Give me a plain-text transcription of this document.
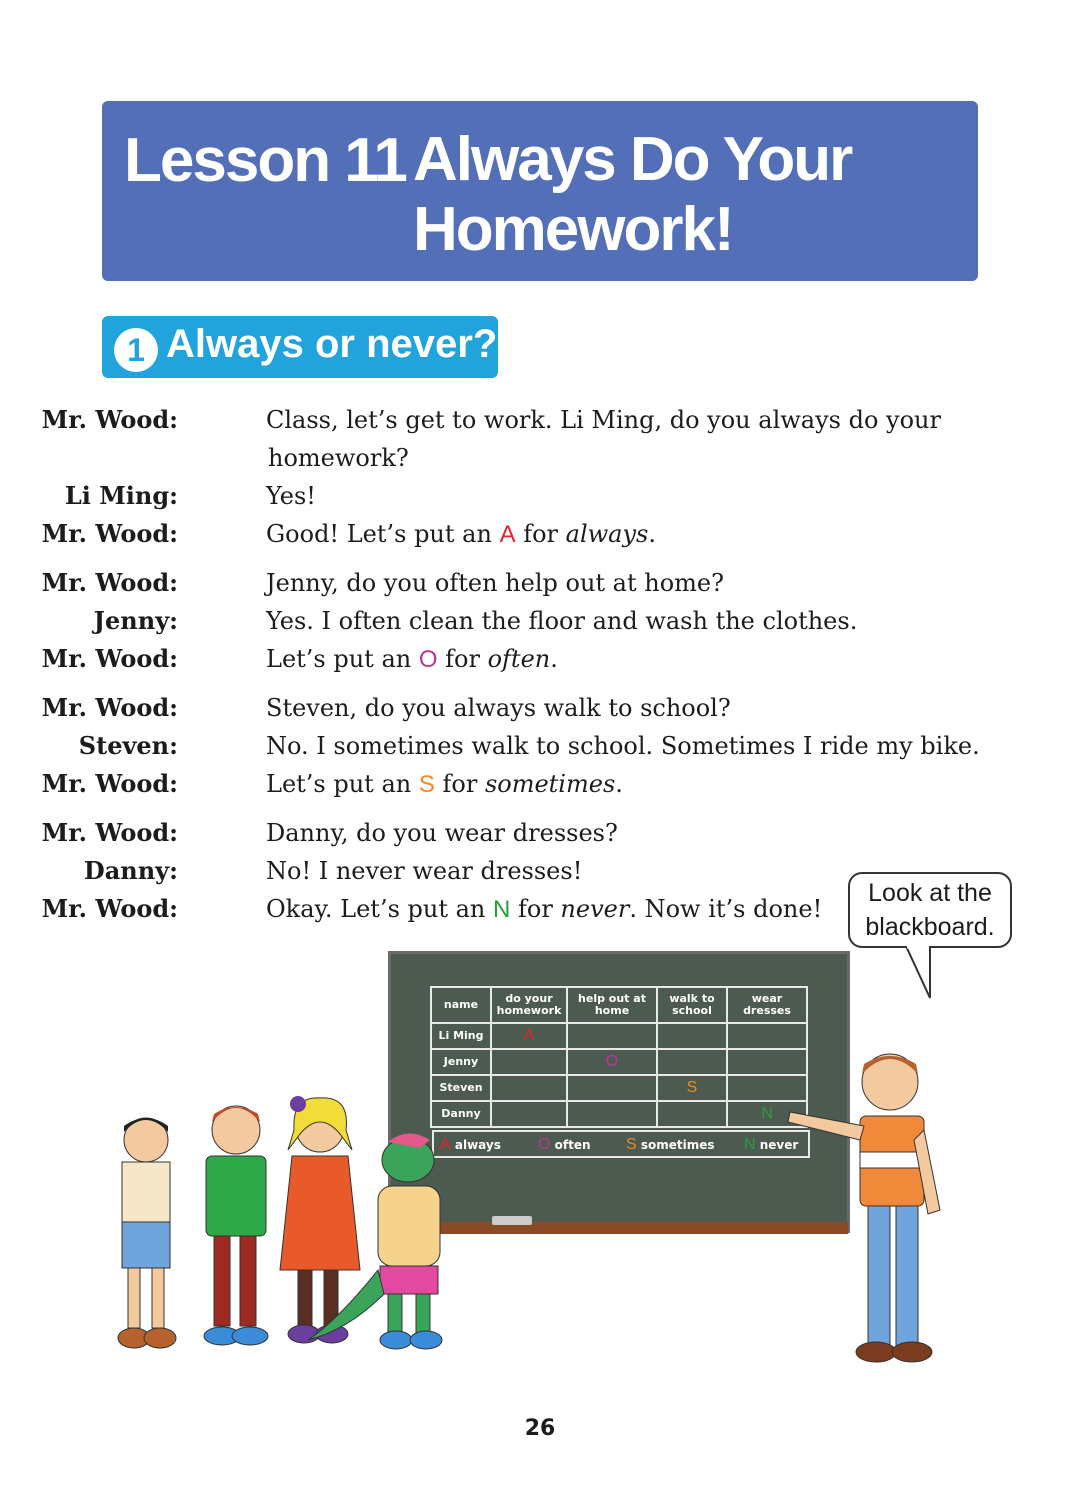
Lesson 11 Always Do Your
Homework!
1 Always or never?
Mr. Wood:	Class, let’s get to work. Li Ming, do you always do your
homework?
Li Ming:	Yes!
Mr. Wood:	Good! Let’s put an A for always.
Mr. Wood:	Jenny, do you often help out at home?
Jenny:	Yes. I often clean the floor and wash the clothes.
Mr. Wood:	Let’s put an O for often.
Mr. Wood:	Steven, do you always walk to school?
Steven:	No. I sometimes walk to school. Sometimes I ride my bike.
Mr. Wood:	Let’s put an S for sometimes.
Mr. Wood:	Danny, do you wear dresses?
Danny:	No! I never wear dresses!
Mr. Wood:	Okay. Let’s put an N for never. Now it’s done!
Look at the
blackboard.
name	do your homework	help out at home	walk to school	wear dresses
Li Ming	A			
Jenny		O		
Steven			S	
Danny				N
A always O often S sometimes N never
26
